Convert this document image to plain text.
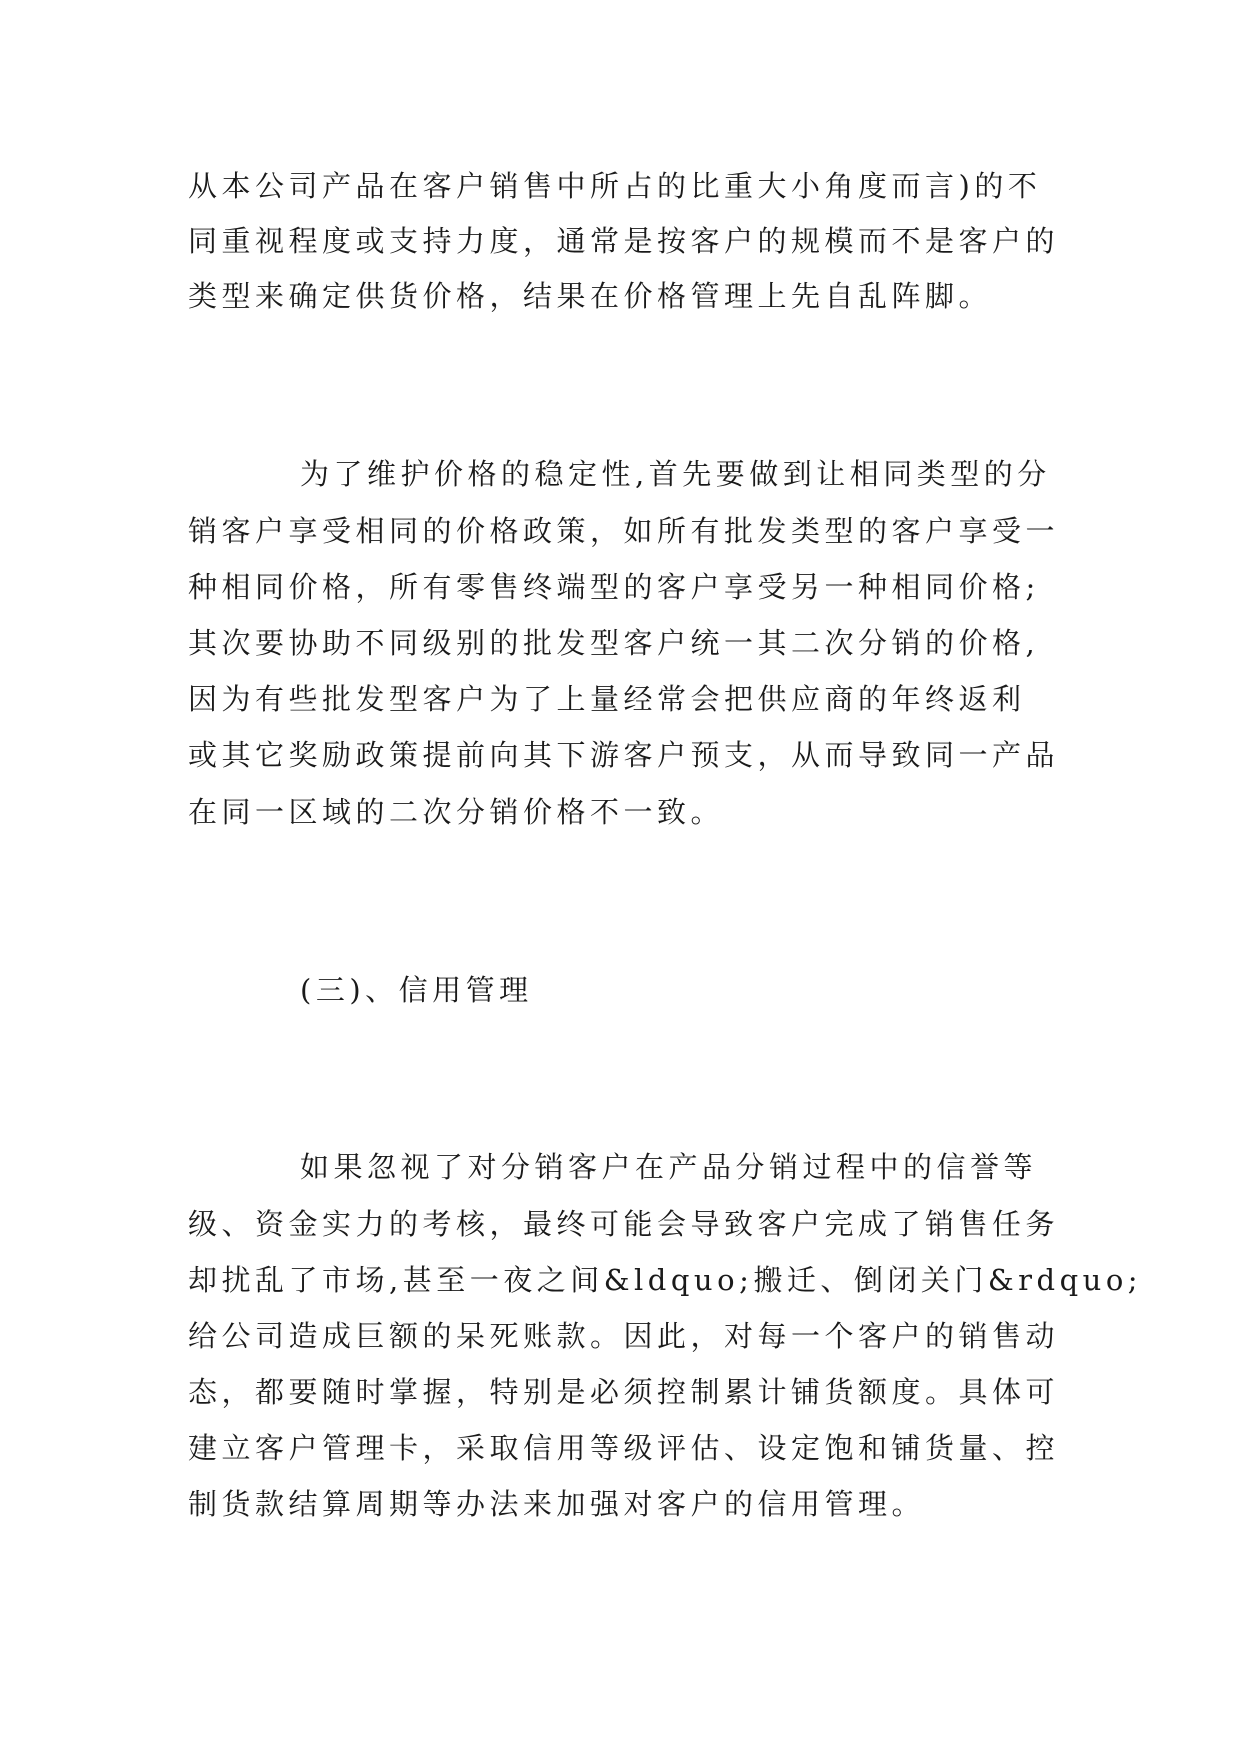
从本公司产品在客户销售中所占的比重大小角度而言)的不
同重视程度或支持力度，通常是按客户的规模而不是客户的
类型来确定供货价格，结果在价格管理上先自乱阵脚。
为了维护价格的稳定性,首先要做到让相同类型的分
销客户享受相同的价格政策，如所有批发类型的客户享受一
种相同价格，所有零售终端型的客户享受另一种相同价格;
其次要协助不同级别的批发型客户统一其二次分销的价格,
因为有些批发型客户为了上量经常会把供应商的年终返利
或其它奖励政策提前向其下游客户预支，从而导致同一产品
在同一区域的二次分销价格不一致。
(三)、信用管理
如果忽视了对分销客户在产品分销过程中的信誉等
级、资金实力的考核，最终可能会导致客户完成了销售任务
却扰乱了市场,甚至一夜之间&ldquo;搬迁、倒闭关门&rdquo;
给公司造成巨额的呆死账款。因此，对每一个客户的销售动
态，都要随时掌握，特别是必须控制累计铺货额度。具体可
建立客户管理卡，采取信用等级评估、设定饱和铺货量、控
制货款结算周期等办法来加强对客户的信用管理。
